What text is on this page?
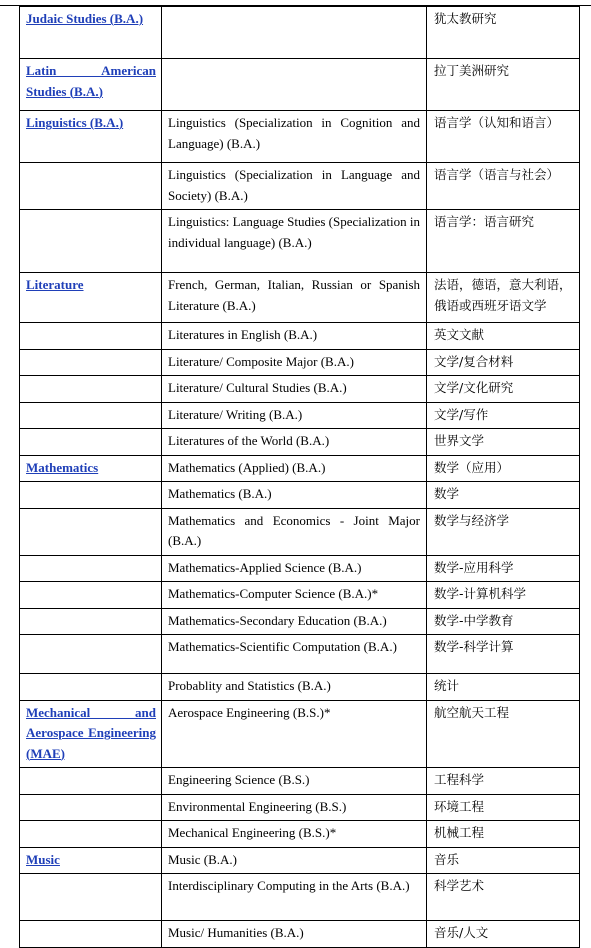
Judaic Studies (B.A.)		犹太教研究

Latin American Studies (B.A.)		拉丁美洲研究
Linguistics (B.A.)	Linguistics (Specialization in Cognition and Language) (B.A.)	语言学（认知和语言）
	Linguistics (Specialization in Language and Society) (B.A.)	语言学（语言与社会）
	Linguistics: Language Studies (Specialization in individual language) (B.A.)	语言学：语言研究
Literature	French, German, Italian, Russian or Spanish Literature (B.A.)	法语，德语，意大利语，俄语或西班牙语文学
	Literatures in English (B.A.)	英文文献
	Literature/ Composite Major (B.A.)	文学/复合材料
	Literature/ Cultural Studies (B.A.)	文学/文化研究
	Literature/ Writing (B.A.)	文学/写作
	Literatures of the World (B.A.)	世界文学
Mathematics	Mathematics (Applied) (B.A.)	数学（应用）
	Mathematics (B.A.)	数学
	Mathematics and Economics - Joint Major (B.A.)	数学与经济学
	Mathematics-Applied Science (B.A.)	数学-应用科学
	Mathematics-Computer Science (B.A.)*	数学-计算机科学
	Mathematics-Secondary Education (B.A.)	数学-中学教育
	Mathematics-Scientific Computation (B.A.)	数学-科学计算
	Probablity and Statistics (B.A.)	统计

Mechanical and Aerospace Engineering (MAE)	Aerospace Engineering (B.S.)*	航空航天工程
	Engineering Science (B.S.)	工程科学
	Environmental Engineering (B.S.)	环境工程
	Mechanical Engineering (B.S.)*	机械工程
Music	Music (B.A.)	音乐
	Interdisciplinary Computing in the Arts (B.A.)	科学艺术
	Music/ Humanities (B.A.)	音乐/人文
